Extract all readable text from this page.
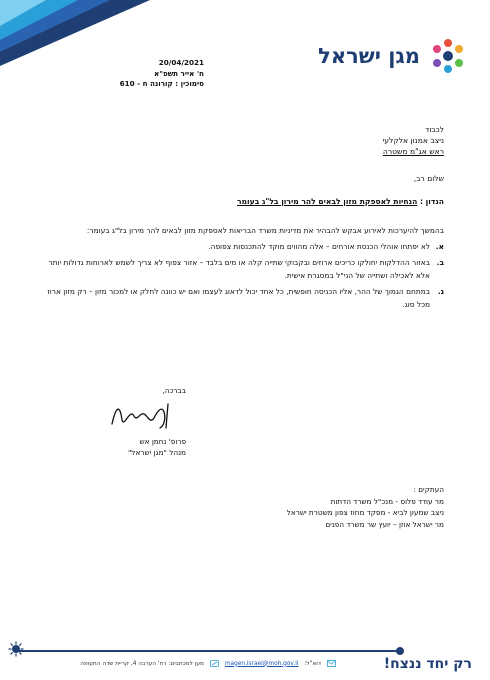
מגן ישראל
20/04/2021
ח' אייר תשפ"א
סימוכין : קורונה ח - 610
לכבוד
ניצב אמנון אלקלעי
ראש אג"מ משטרה
שלום רב,
הנדון : הנחיות לאספקת מזון לבאים להר מירון בל"ג בעומר

בהמשך להיערכות לאירוע אבקש להבהיר את מדיניות משרד הבריאות לאספקת מזון לבאים להר מירון בל"ג בעומר:

א.
לא יפתחו אוהלי הכנסת אורחים – אלה מהווים מוקד להתכנסות צפופה.
ב.
באזור ההדלקות יחולקו כריכים ארוזים ובקבוקי שתייה קלה או מים בלבד – אזור צפוף לא צריך לשמש לארוחות גדולות יותר אלא לאכילה ושתייה של הני"ל במסגרת אישית.
ג.
במתחם הגמוך של ההר, אליו הכניסה חופשית, כל אחד יכול לדאוג לעצמו ואם יש כוונה לחלק או למכור מזון – רק מזון ארוז מכל סוג.
בברכה,
פרופ' נחמן אש
מנהל "מגן ישראל"
העתקים :
מר עודד פלוס - מנכ"ל משרד הדתות
ניצב שמעון לביא - מפקד מחוז צפון משטרת ישראל
מר ישראל אוזן – יועץ שר משרד הפנים
רק יחד ננצח!
דוא"ל:
magen.israel@moh.gov.il
מען למכתבים: רח' הערבה 4, קריית שדה התעופה
